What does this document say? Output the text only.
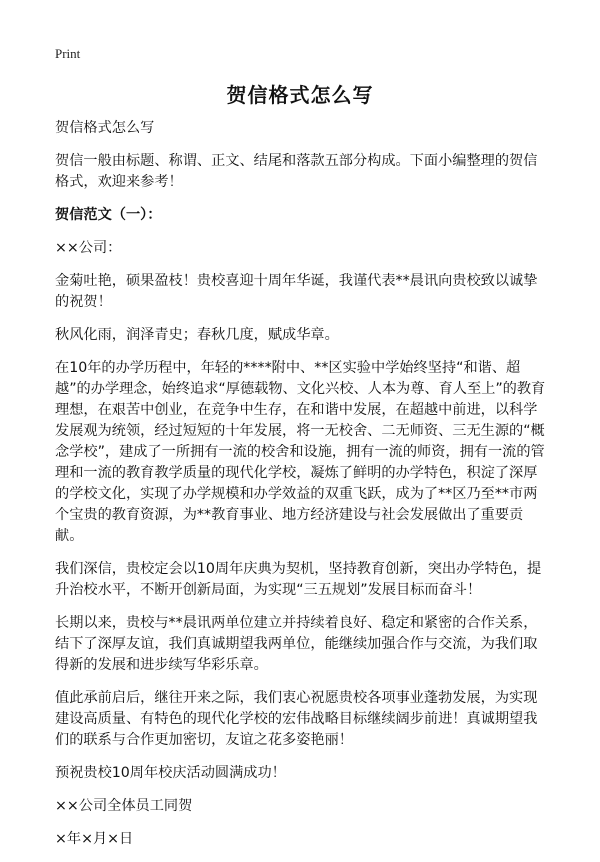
Print
贺信格式怎么写

贺信格式怎么写

贺信一般由标题、称谓、正文、结尾和落款五部分构成。下面小编整理的贺信格式，欢迎来参考！

贺信范文（一）：

××公司：

金菊吐艳，硕果盈枝！贵校喜迎十周年华诞，我谨代表**晨讯向贵校致以诚挚的祝贺！

秋风化雨，润泽青史；春秋几度，赋成华章。

在10年的办学历程中，年轻的****附中、**区实验中学始终坚持“和谐、超越”的办学理念，始终追求“厚德载物、文化兴校、人本为尊、育人至上”的教育理想，在艰苦中创业，在竞争中生存，在和谐中发展，在超越中前进，以科学发展观为统领，经过短短的十年发展，将一无校舍、二无师资、三无生源的“概念学校”，建成了一所拥有一流的校舍和设施，拥有一流的师资，拥有一流的管理和一流的教育教学质量的现代化学校，凝炼了鲜明的办学特色，积淀了深厚的学校文化，实现了办学规模和办学效益的双重飞跃，成为了**区乃至**市两个宝贵的教育资源，为**教育事业、地方经济建设与社会发展做出了重要贡献。

我们深信，贵校定会以10周年庆典为契机，坚持教育创新，突出办学特色，提升治校水平，不断开创新局面，为实现“三五规划”发展目标而奋斗！

长期以来，贵校与**晨讯两单位建立并持续着良好、稳定和紧密的合作关系，结下了深厚友谊，我们真诚期望我两单位，能继续加强合作与交流，为我们取得新的发展和进步续写华彩乐章。

值此承前启后，继往开来之际，我们衷心祝愿贵校各项事业蓬勃发展，为实现建设高质量、有特色的现代化学校的宏伟战略目标继续阔步前进！真诚期望我们的联系与合作更加密切，友谊之花多姿艳丽！

预祝贵校10周年校庆活动圆满成功！

××公司全体员工同贺

×年×月×日
